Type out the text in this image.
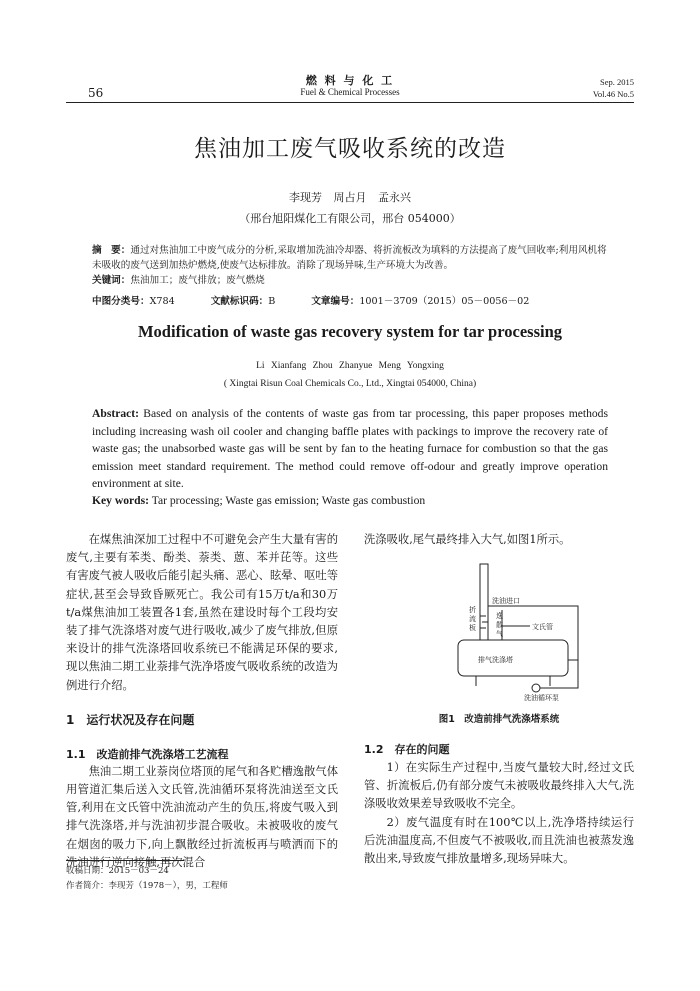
56
燃 料 与 化 工
Fuel & Chemical Processes
Sep. 2015
Vol.46 No.5
焦油加工废气吸收系统的改造
李现芳 周占月 孟永兴
（邢台旭阳煤化工有限公司，邢台 054000）
摘　要：通过对焦油加工中废气成分的分析,采取增加洗油冷却器、将折流板改为填料的方法提高了废气回收率;利用风机将未吸收的废气送到加热炉燃烧,使废气达标排放。消除了现场异味,生产环境大为改善。
关键词：焦油加工；废气排放；废气燃烧
中图分类号：X784	文献标识码：B	文章编号：1001－3709（2015）05－0056－02
Modification of waste gas recovery system for tar processing
Li Xianfang Zhou Zhanyue Meng Yongxing
( Xingtai Risun Coal Chemicals Co., Ltd., Xingtai 054000, China)
Abstract: Based on analysis of the contents of waste gas from tar processing, this paper proposes methods including increasing wash oil cooler and changing baffle plates with packings to improve the recovery rate of waste gas; the unabsorbed waste gas will be sent by fan to the heating furnace for combustion so that the gas emission meet standard requirement. The method could remove off-odour and greatly improve operation environment at site.
Key words: Tar processing; Waste gas emission; Waste gas combustion

在煤焦油深加工过程中不可避免会产生大量有害的废气,主要有苯类、酚类、萘类、蒽、苯并芘等。这些有害废气被人吸收后能引起头痛、恶心、眩晕、呕吐等症状,甚至会导致昏厥死亡。我公司有15万t/a和30万t/a煤焦油加工装置各1套,虽然在建设时每个工段均安装了排气洗涤塔对废气进行吸收,减少了废气排放,但原来设计的排气洗涤塔回收系统已不能满足环保的要求,现以焦油二期工业萘排气洗净塔废气吸收系统的改造为例进行介绍。

1　运行状况及存在问题
1.1　改造前排气洗涤塔工艺流程

焦油二期工业萘岗位塔顶的尾气和各贮槽逸散气体用管道汇集后送入文氏管,洗油循环泵将洗油送至文氏管,利用在文氏管中洗油流动产生的负压,将废气吸入到排气洗涤塔,并与洗油初步混合吸收。未被吸收的废气在烟囱的吸力下,向上飘散经过折流板再与喷洒而下的洗油进行逆向接触,再次混合

洗涤吸收,尾气最终排入大气,如图1所示。

折
流
板
洗油进口
逸
散
气
文氏管
排气洗涤塔
洗油循环泵
图1　改造前排气洗涤塔系统
1.2　存在的问题

1）在实际生产过程中,当废气量较大时,经过文氏管、折流板后,仍有部分废气未被吸收最终排入大气,洗涤吸收效果差导致吸收不完全。

2）废气温度有时在100℃以上,洗净塔持续运行后洗油温度高,不但废气不被吸收,而且洗油也被蒸发逸散出来,导致废气排放量增多,现场异味大。

收稿日期：2015－03－24
作者简介：李现芳（1978－），男，工程师
